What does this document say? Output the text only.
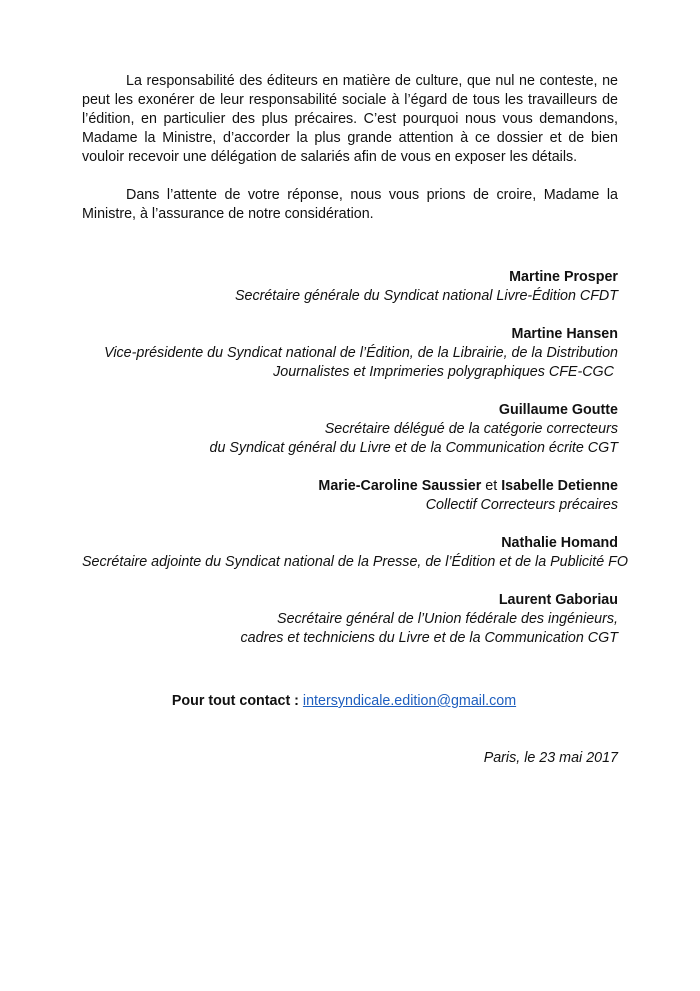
La responsabilité des éditeurs en matière de culture, que nul ne conteste, ne peut les exonérer de leur responsabilité sociale à l’égard de tous les travailleurs de l’édition, en particulier des plus précaires. C’est pourquoi nous vous demandons, Madame la Ministre, d’accorder la plus grande attention à ce dossier et de bien vouloir recevoir une délégation de salariés afin de vous en exposer les détails.

Dans l’attente de votre réponse, nous vous prions de croire, Madame la Ministre, à l’assurance de notre considération.

Martine Prosper
Secrétaire générale du Syndicat national Livre-Édition CFDT
Martine Hansen
Vice-présidente du Syndicat national de l’Édition, de la Librairie, de la Distribution
Journalistes et Imprimeries polygraphiques CFE-CGC
Guillaume Goutte
Secrétaire délégué de la catégorie correcteurs
du Syndicat général du Livre et de la Communication écrite CGT
Marie-Caroline Saussier et Isabelle Detienne
Collectif Correcteurs précaires
Nathalie Homand
Secrétaire adjointe du Syndicat national de la Presse, de l’Édition et de la Publicité FO
Laurent Gaboriau
Secrétaire général de l’Union fédérale des ingénieurs,
cadres et techniciens du Livre et de la Communication CGT
Pour tout contact : intersyndicale.edition@gmail.com
Paris, le 23 mai 2017
